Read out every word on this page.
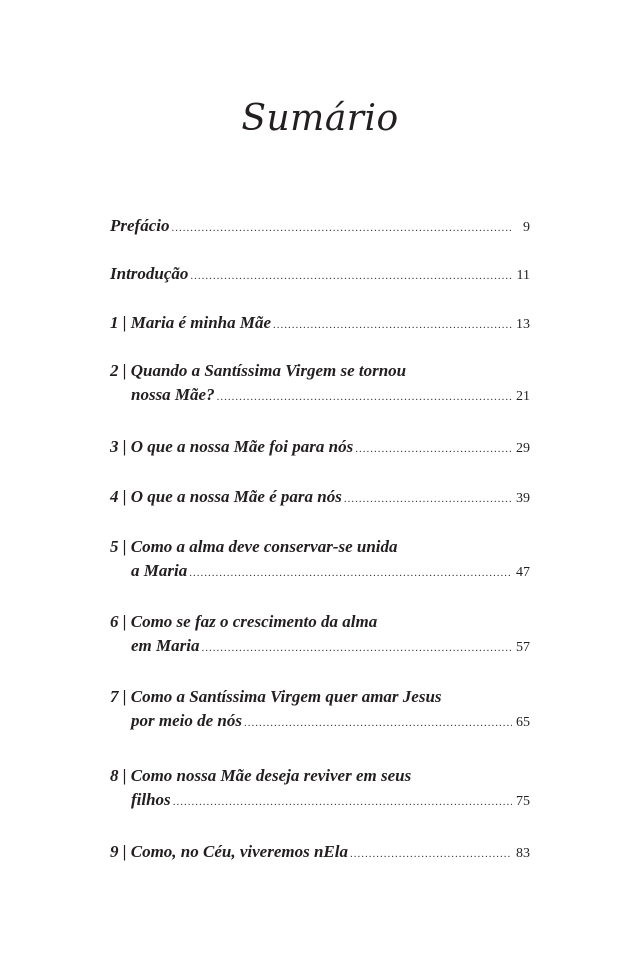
Sumário
Prefácio .....	9
Introdução .....	11
1 | Maria é minha Mãe .....	13
2 | Quando a Santíssima Virgem se tornou
nossa Mãe? .....	21
3 | O que a nossa Mãe foi para nós .....	29
4 | O que a nossa Mãe é para nós .....	39
5 | Como a alma deve conservar-se unida
a Maria .....	47
6 | Como se faz o crescimento da alma
em Maria .....	57
7 | Como a Santíssima Virgem quer amar Jesus
por meio de nós .....	65
8 | Como nossa Mãe deseja reviver em seus
filhos .....	75
9 | Como, no Céu, viveremos nEla .....	83
